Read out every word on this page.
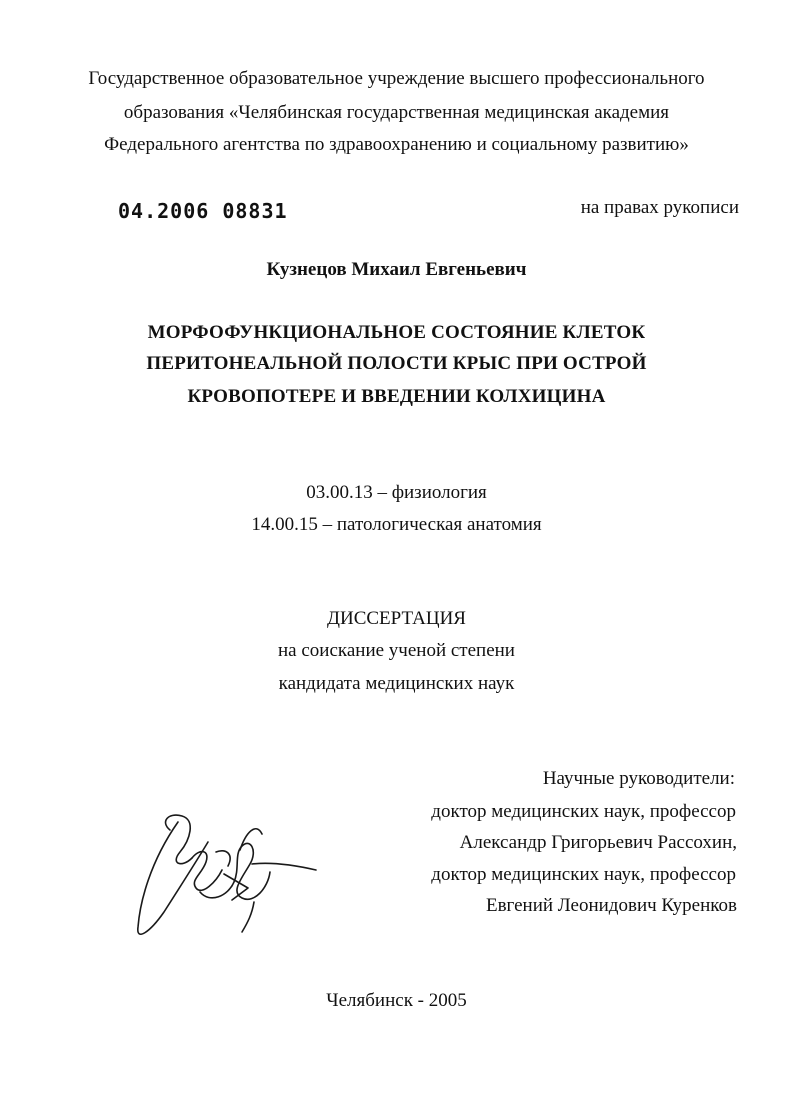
Государственное образовательное учреждение высшего профессионального
образования «Челябинская государственная медицинская академия
Федерального агентства по здравоохранению и социальному развитию»
04.2006 08831	на правах рукописи
Кузнецов Михаил Евгеньевич
МОРФОФУНКЦИОНАЛЬНОЕ СОСТОЯНИЕ КЛЕТОК
ПЕРИТОНЕАЛЬНОЙ ПОЛОСТИ КРЫС ПРИ ОСТРОЙ
КРОВОПОТЕРЕ И ВВЕДЕНИИ КОЛХИЦИНА
03.00.13 – физиология
14.00.15 – патологическая анатомия
ДИССЕРТАЦИЯ
на соискание ученой степени
кандидата медицинских наук
Научные руководители:
доктор медицинских наук, профессор
Александр Григорьевич Рассохин,
доктор медицинских наук, профессор
Евгений Леонидович Куренков
Челябинск - 2005
